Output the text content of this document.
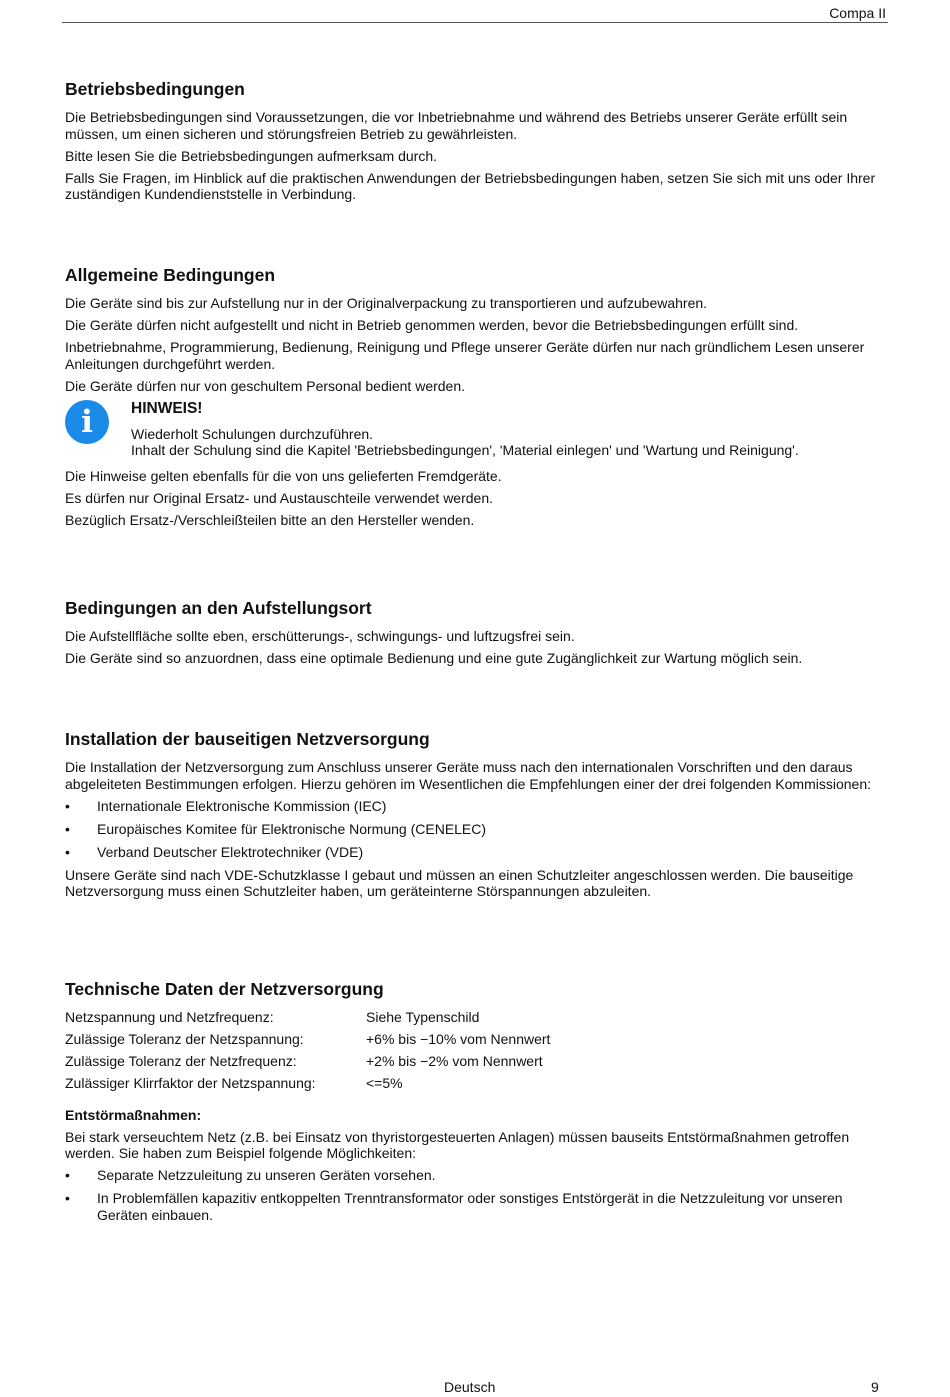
Compa II
Betriebsbedingungen

Die Betriebsbedingungen sind Voraussetzungen, die vor Inbetriebnahme und während des Betriebs unserer Geräte erfüllt sein müssen, um einen sicheren und störungsfreien Betrieb zu gewährleisten.

Bitte lesen Sie die Betriebsbedingungen aufmerksam durch.

Falls Sie Fragen, im Hinblick auf die praktischen Anwendungen der Betriebsbedingungen haben, setzen Sie sich mit uns oder Ihrer zuständigen Kundendienststelle in Verbindung.

Allgemeine Bedingungen

Die Geräte sind bis zur Aufstellung nur in der Originalverpackung zu transportieren und aufzubewahren.

Die Geräte dürfen nicht aufgestellt und nicht in Betrieb genommen werden, bevor die Betriebsbedingungen erfüllt sind.

Inbetriebnahme, Programmierung, Bedienung, Reinigung und Pflege unserer Geräte dürfen nur nach gründlichem Lesen unserer Anleitungen durchgeführt werden.

Die Geräte dürfen nur von geschultem Personal bedient werden.

i	HINWEIS!
Wiederholt Schulungen durchzuführen.
Inhalt der Schulung sind die Kapitel 'Betriebsbedingungen', 'Material einlegen' und 'Wartung und Reinigung'.

Die Hinweise gelten ebenfalls für die von uns gelieferten Fremdgeräte.

Es dürfen nur Original Ersatz- und Austauschteile verwendet werden.

Bezüglich Ersatz-/Verschleißteilen bitte an den Hersteller wenden.

Bedingungen an den Aufstellungsort

Die Aufstellfläche sollte eben, erschütterungs-, schwingungs- und luftzugsfrei sein.

Die Geräte sind so anzuordnen, dass eine optimale Bedienung und eine gute Zugänglichkeit zur Wartung möglich sein.

Installation der bauseitigen Netzversorgung

Die Installation der Netzversorgung zum Anschluss unserer Geräte muss nach den internationalen Vorschriften und den daraus abgeleiteten Bestimmungen erfolgen. Hierzu gehören im Wesentlichen die Empfehlungen einer der drei folgenden Kommissionen:

• Internationale Elektronische Kommission (IEC)
• Europäisches Komitee für Elektronische Normung (CENELEC)
• Verband Deutscher Elektrotechniker (VDE)

Unsere Geräte sind nach VDE-Schutzklasse I gebaut und müssen an einen Schutzleiter angeschlossen werden. Die bauseitige Netzversorgung muss einen Schutzleiter haben, um geräteinterne Störspannungen abzuleiten.

Technische Daten der Netzversorgung
Netzspannung und Netzfrequenz:	Siehe Typenschild
Zulässige Toleranz der Netzspannung:	+6% bis −10% vom Nennwert
Zulässige Toleranz der Netzfrequenz:	+2% bis −2% vom Nennwert
Zulässiger Klirrfaktor der Netzspannung:	<=5%
Entstörmaßnahmen:

Bei stark verseuchtem Netz (z.B. bei Einsatz von thyristorgesteuerten Anlagen) müssen bauseits Entstörmaßnahmen getroffen werden. Sie haben zum Beispiel folgende Möglichkeiten:

• Separate Netzzuleitung zu unseren Geräten vorsehen.
• In Problemfällen kapazitiv entkoppelten Trenntransformator oder sonstiges Entstörgerät in die Netzzuleitung vor unseren Geräten einbauen.
Deutsch	9
